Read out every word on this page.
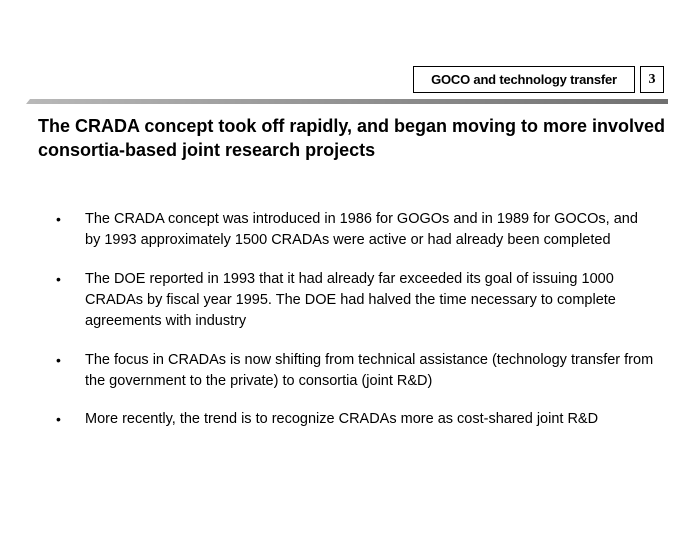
GOCO and technology transfer	3
The CRADA concept took off rapidly, and began moving to more involved consortia-based joint research projects
• The CRADA concept was introduced in 1986 for GOGOs and in 1989 for GOCOs, and by 1993 approximately 1500 CRADAs were active or had already been completed
• The DOE reported in 1993 that it had already far exceeded its goal of issuing 1000 CRADAs by fiscal year 1995. The DOE had halved the time necessary to complete agreements with industry
• The focus in CRADAs is now shifting from technical assistance (technology transfer from the government to the private) to consortia (joint R&D)
• More recently, the trend is to recognize CRADAs more as cost-shared joint R&D
